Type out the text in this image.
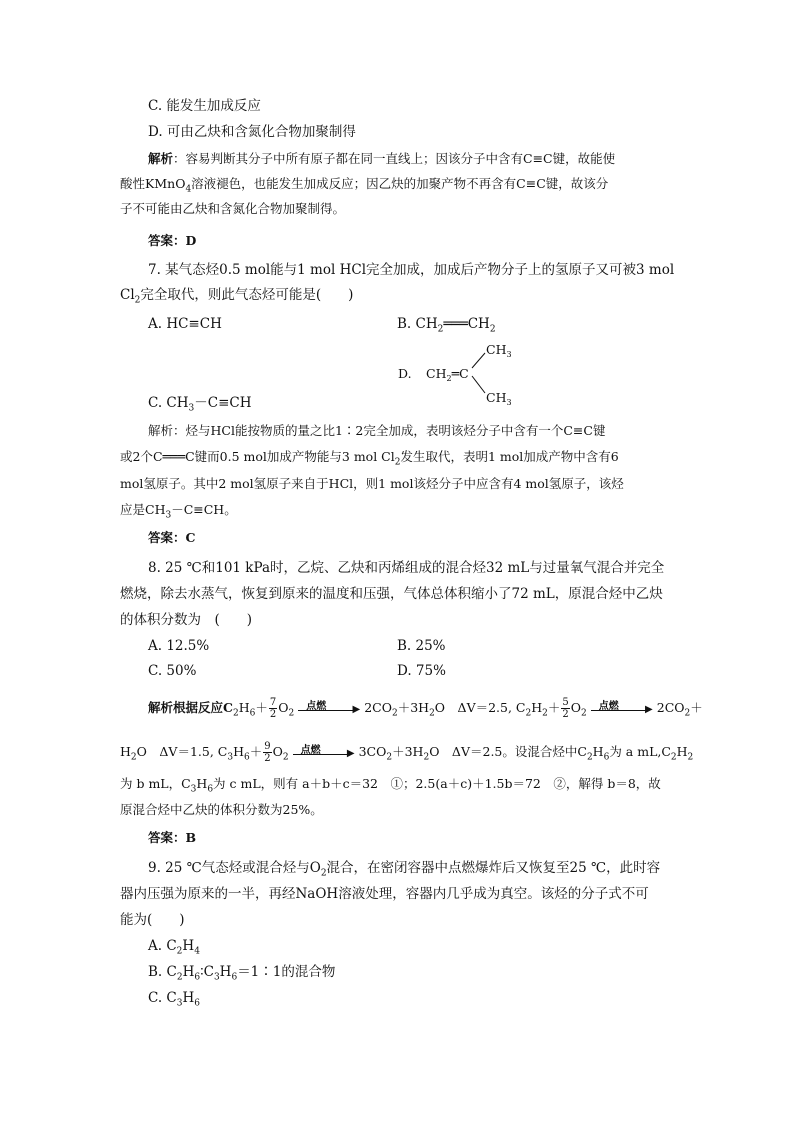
C. 能发生加成反应
D. 可由乙炔和含氮化合物加聚制得
解析：容易判断其分子中所有原子都在同一直线上；因该分子中含有C≡C键，故能使
酸性KMnO$_4$溶液褪色，也能发生加成反应；因乙炔的加聚产物不再含有C≡C键，故该分
子不可能由乙炔和含氮化合物加聚制得。
答案：D
7. 某气态烃0.5 mol能与1 mol HCl完全加成，加成后产物分子上的氢原子又可被3 mol
$Cl_2$完全取代，则此气态烃可能是(　　)
A. HC≡CH	B. $CH_2═══CH_2$
D. $CH_2═C$
$CH_3$
$CH_3$
C. $CH_3-C\equiv CH$
解析：烃与HCl能按物质的量之比1∶2完全加成，表明该烃分子中含有一个C≡C键
或2个C═══C键而0.5 mol加成产物能与3 mol $Cl_2$发生取代，表明1 mol加成产物中含有6
mol氢原子。其中2 mol氢原子来自于HCl，则1 mol该烃分子中应含有4 mol氢原子，该烃
应是$CH_3-C\equiv CH$。
答案：C
8. 25 ℃和101 kPa时，乙烷、乙炔和丙烯组成的混合烃32 mL与过量氧气混合并完全
燃烧，除去水蒸气，恢复到原来的温度和压强，气体总体积缩小了72 mL，原混合烃中乙炔
的体积分数为　(　　)
A. 12.5%	B. 25%
C. 50%	D. 75%
解析根据反应$C_2H_6+ \frac{7}{2} O_2$
点燃	▶ $2CO_2+3H_2O$　ΔV＝2.5, $C_2H_2+ \frac{5}{2} O_2$
点燃	▶ $2CO_2+$
$H_2O$　ΔV＝1.5, $C_3H_6+ \frac{9}{2} O_2$
点燃	▶ $3CO_2+3H_2O$　ΔV＝2.5。设混合烃中$C_2H_6$为 a $mL,C_2H_2$
为 b mL，$C_3H_6$为 c mL，则有 a＋b＋c＝32　①；2.5(a＋c)＋1.5b＝72　②，解得 b＝8，故
原混合烃中乙炔的体积分数为25%。
答案：B
9. 25 ℃气态烃或混合烃与$O_2$混合，在密闭容器中点燃爆炸后又恢复至25 ℃，此时容
器内压强为原来的一半，再经NaOH溶液处理，容器内几乎成为真空。该烃的分子式不可
能为(　　)
A. $C_2H_4$
B. $C_2H_6∶C_3H_6=1∶1$的混合物
C. $C_3H_6$
